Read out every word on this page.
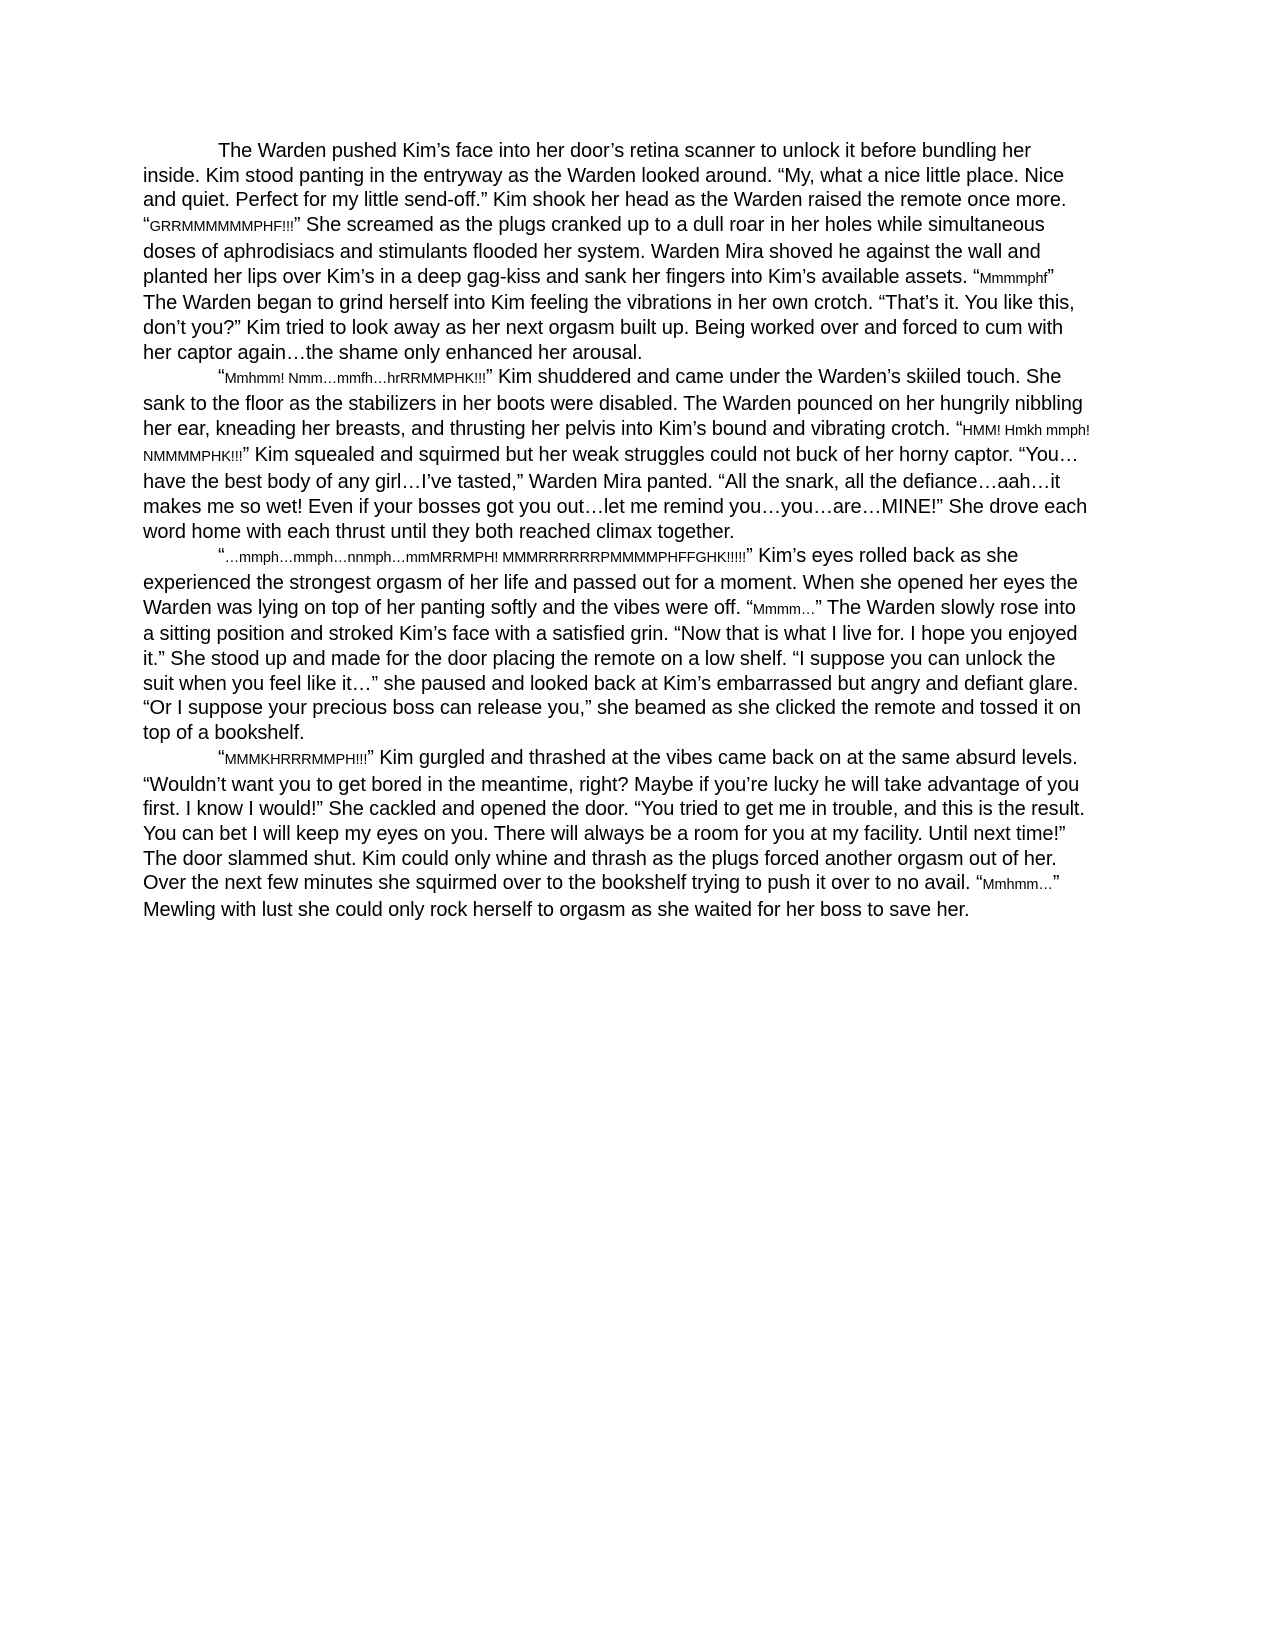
The Warden pushed Kim’s face into her door’s retina scanner to unlock it before bundling her inside. Kim stood panting in the entryway as the Warden looked around. “My, what a nice little place. Nice and quiet. Perfect for my little send-off.” Kim shook her head as the Warden raised the remote once more. “GRRMMMMMMPHF!!!” She screamed as the plugs cranked up to a dull roar in her holes while simultaneous doses of aphrodisiacs and stimulants flooded her system. Warden Mira shoved he against the wall and planted her lips over Kim’s in a deep gag-kiss and sank her fingers into Kim’s available assets. “Mmmmphf” The Warden began to grind herself into Kim feeling the vibrations in her own crotch. “That’s it. You like this, don’t you?” Kim tried to look away as her next orgasm built up. Being worked over and forced to cum with her captor again…the shame only enhanced her arousal.

“Mmhmm! Nmm…mmfh…hrRRMMPHK!!!” Kim shuddered and came under the Warden’s skiiled touch. She sank to the floor as the stabilizers in her boots were disabled. The Warden pounced on her hungrily nibbling her ear, kneading her breasts, and thrusting her pelvis into Kim’s bound and vibrating crotch. “HMM! Hmkh mmph! NMMMMPHK!!!” Kim squealed and squirmed but her weak struggles could not buck of her horny captor. “You…have the best body of any girl…I’ve tasted,” Warden Mira panted. “All the snark, all the defiance…aah…it makes me so wet! Even if your bosses got you out…let me remind you…you…are…MINE!” She drove each word home with each thrust until they both reached climax together.

“…mmph…mmph…nnmph…mmMRRMPH! MMMRRRRRRPMMMMPHFFGHK!!!!!” Kim’s eyes rolled back as she experienced the strongest orgasm of her life and passed out for a moment. When she opened her eyes the Warden was lying on top of her panting softly and the vibes were off. “Mmmm…” The Warden slowly rose into a sitting position and stroked Kim’s face with a satisfied grin. “Now that is what I live for. I hope you enjoyed it.” She stood up and made for the door placing the remote on a low shelf. “I suppose you can unlock the suit when you feel like it…” she paused and looked back at Kim’s embarrassed but angry and defiant glare. “Or I suppose your precious boss can release you,” she beamed as she clicked the remote and tossed it on top of a bookshelf.

“MMMKHRRRMMPH!!!” Kim gurgled and thrashed at the vibes came back on at the same absurd levels. “Wouldn’t want you to get bored in the meantime, right? Maybe if you’re lucky he will take advantage of you first. I know I would!” She cackled and opened the door. “You tried to get me in trouble, and this is the result. You can bet I will keep my eyes on you. There will always be a room for you at my facility. Until next time!” The door slammed shut. Kim could only whine and thrash as the plugs forced another orgasm out of her. Over the next few minutes she squirmed over to the bookshelf trying to push it over to no avail. “Mmhmm…” Mewling with lust she could only rock herself to orgasm as she waited for her boss to save her.
